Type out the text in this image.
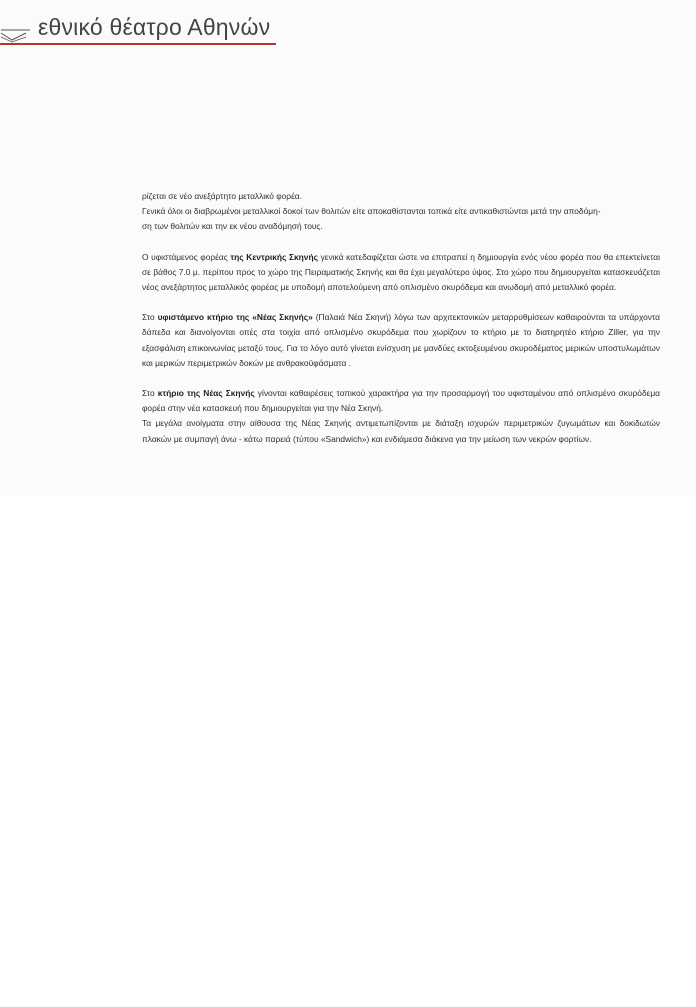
εθνικό θέατρο Αθηνών

ρίζεται σε νέο ανεξάρτητο μεταλλικό φορέα.
Γενικά όλοι οι διαβρωμένοι μεταλλικοί δοκοί των θολιτών είτε αποκαθίστανται τοπικά είτε αντικαθιστώνται μετά την αποδόμη-
ση των θολιτών και την εκ νέου αναδόμησή τους.

Ο υφιστάμενος φορέας της Κεντρικής Σκηνής γενικά κατεδαφίζεται ώστε να επιτραπεί η δημιουργία ενός νέου φορέα που θα επεκτείνεται σε βάθος 7.0 μ. περίπου προς το χώρο της Πειραματικής Σκηνής και θα έχει μεγαλύτερο ύψος. Στο χώρο που δημιουργείται κατασκευάζεται νέος ανεξάρτητος μεταλλικός φορέας με υποδομή αποτελούμενη από οπλισμένο σκυρόδεμα και ανωδομή από μεταλλικό φορέα.

Στο υφιστάμενο κτήριο της «Νέας Σκηνής» (Παλαιά Νέα Σκηνή) λόγω των αρχιτεκτονικών μεταρρυθμίσεων καθαιρούνται τα υπάρχοντα δάπεδα και διανοίγονται οπές στα τοιχία από οπλισμένο σκυρόδεμα που χωρίζουν το κτήριο με το διατηρητέο κτήριο Ziller, για την εξασφάλιση επικοινωνίας μεταξύ τους. Για το λόγο αυτό γίνεται ενίσχυση με μανδύες εκτοξευμένου σκυροδέματος μερικών υποστυλωμάτων και μερικών περιμετρικών δοκών με ανθρακοϋφάσματα .

Στο κτήριο της Νέας Σκηνής γίνονται καθαιρέσεις τοπικού χαρακτήρα για την προσαρμογή του υφισταμένου από οπλισμένο σκυρόδεμα φορέα στην νέα κατασκευή που δημιουργείται για την Νέα Σκηνή.
Τα μεγάλα ανοίγματα στην αίθουσα της Νέας Σκηνής αντιμετωπίζονται με διάταξη ισχυρών περιμετρικών ζυγωμάτων και δοκιδωτών πλακών με συμπαγή άνω - κάτω παρειά (τύπου «Sandwich») και ενδιάμεσα διάκενα για την μείωση των νεκρών φορτίων.
